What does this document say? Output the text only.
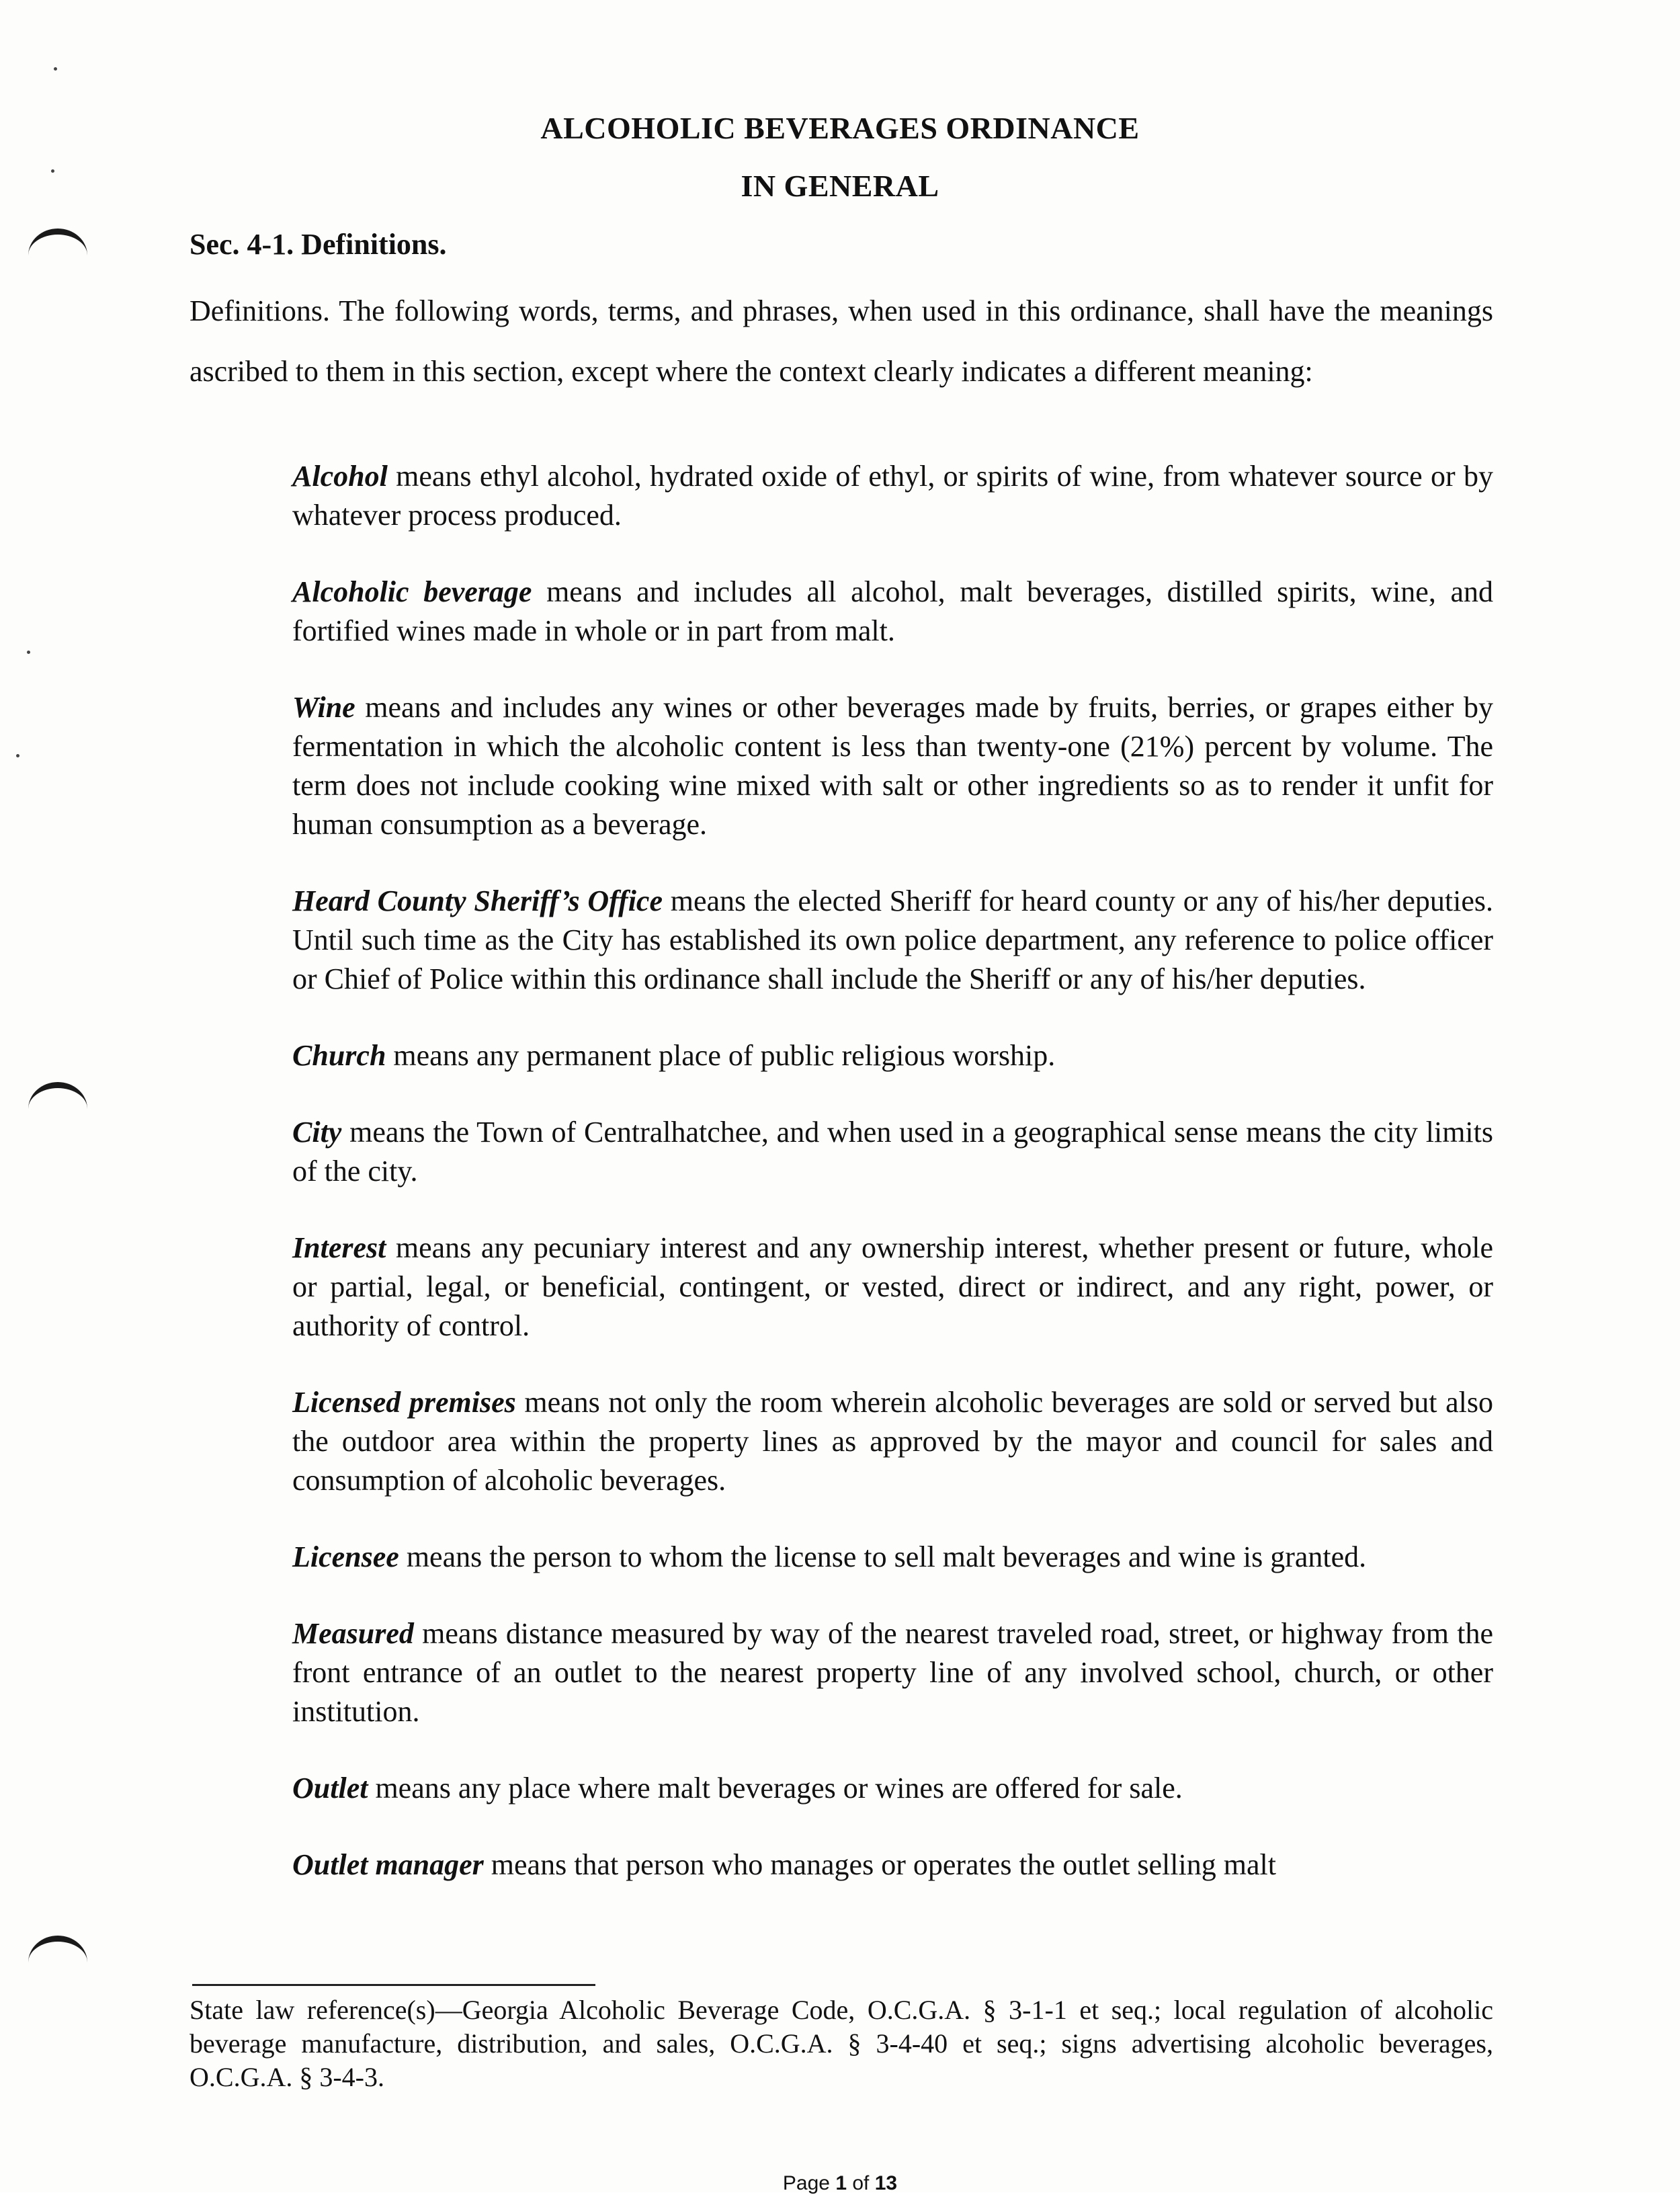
ALCOHOLIC BEVERAGES ORDINANCE
IN GENERAL
Sec. 4-1. Definitions.
Definitions. The following words, terms, and phrases, when used in this ordinance, shall have the meanings ascribed to them in this section, except where the context clearly indicates a different meaning:

Alcohol means ethyl alcohol, hydrated oxide of ethyl, or spirits of wine, from whatever source or by whatever process produced.

Alcoholic beverage means and includes all alcohol, malt beverages, distilled spirits, wine, and fortified wines made in whole or in part from malt.

Wine means and includes any wines or other beverages made by fruits, berries, or grapes either by fermentation in which the alcoholic content is less than twenty-one (21%) percent by volume. The term does not include cooking wine mixed with salt or other ingredients so as to render it unfit for human consumption as a beverage.

Heard County Sheriff’s Office means the elected Sheriff for heard county or any of his/her deputies. Until such time as the City has established its own police department, any reference to police officer or Chief of Police within this ordinance shall include the Sheriff or any of his/her deputies.

Church means any permanent place of public religious worship.

City means the Town of Centralhatchee, and when used in a geographical sense means the city limits of the city.

Interest means any pecuniary interest and any ownership interest, whether present or future, whole or partial, legal, or beneficial, contingent, or vested, direct or indirect, and any right, power, or authority of control.

Licensed premises means not only the room wherein alcoholic beverages are sold or served but also the outdoor area within the property lines as approved by the mayor and council for sales and consumption of alcoholic beverages.

Licensee means the person to whom the license to sell malt beverages and wine is granted.

Measured means distance measured by way of the nearest traveled road, street, or highway from the front entrance of an outlet to the nearest property line of any involved school, church, or other institution.

Outlet means any place where malt beverages or wines are offered for sale.

Outlet manager means that person who manages or operates the outlet selling malt

State law reference(s)—Georgia Alcoholic Beverage Code, O.C.G.A. § 3-1-1 et seq.; local regulation of alcoholic beverage manufacture, distribution, and sales, O.C.G.A. § 3-4-40 et seq.; signs advertising alcoholic beverages, O.C.G.A. § 3-4-3.
Page 1 of 13
